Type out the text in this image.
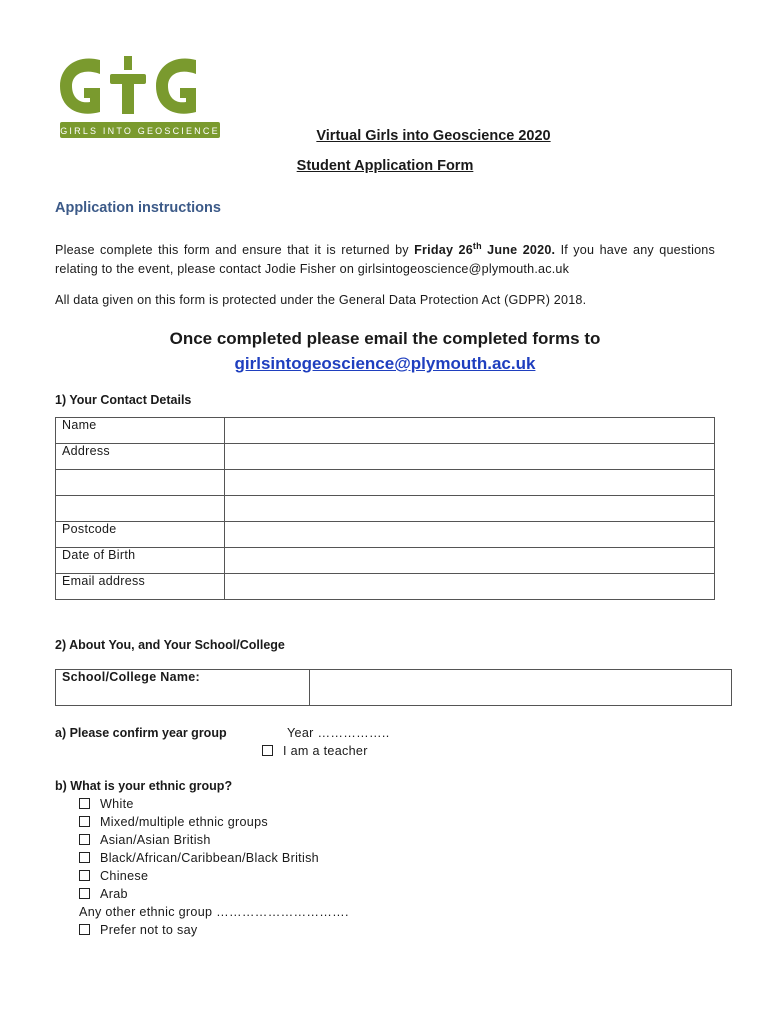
GIRLS INTO GEOSCIENCE	Virtual Girls into Geoscience 2020
Student Application Form
Application instructions
Please complete this form and ensure that it is returned by Friday 26th June 2020. If you have any questions relating to the event, please contact Jodie Fisher on girlsintogeoscience@plymouth.ac.uk
All data given on this form is protected under the General Data Protection Act (GDPR) 2018.
Once completed please email the completed forms to
girlsintogeoscience@plymouth.ac.uk
1) Your Contact Details
Name	
Address	

Postcode	
Date of Birth	
Email address	
2) About You, and Your School/College
School/College Name:	
a) Please confirm year group	Year ……………..
I am a teacher
b) What is your ethnic group?
White
Mixed/multiple ethnic groups
Asian/Asian British
Black/African/Caribbean/Black British
Chinese
Arab
Any other ethnic group ………………………….
Prefer not to say
